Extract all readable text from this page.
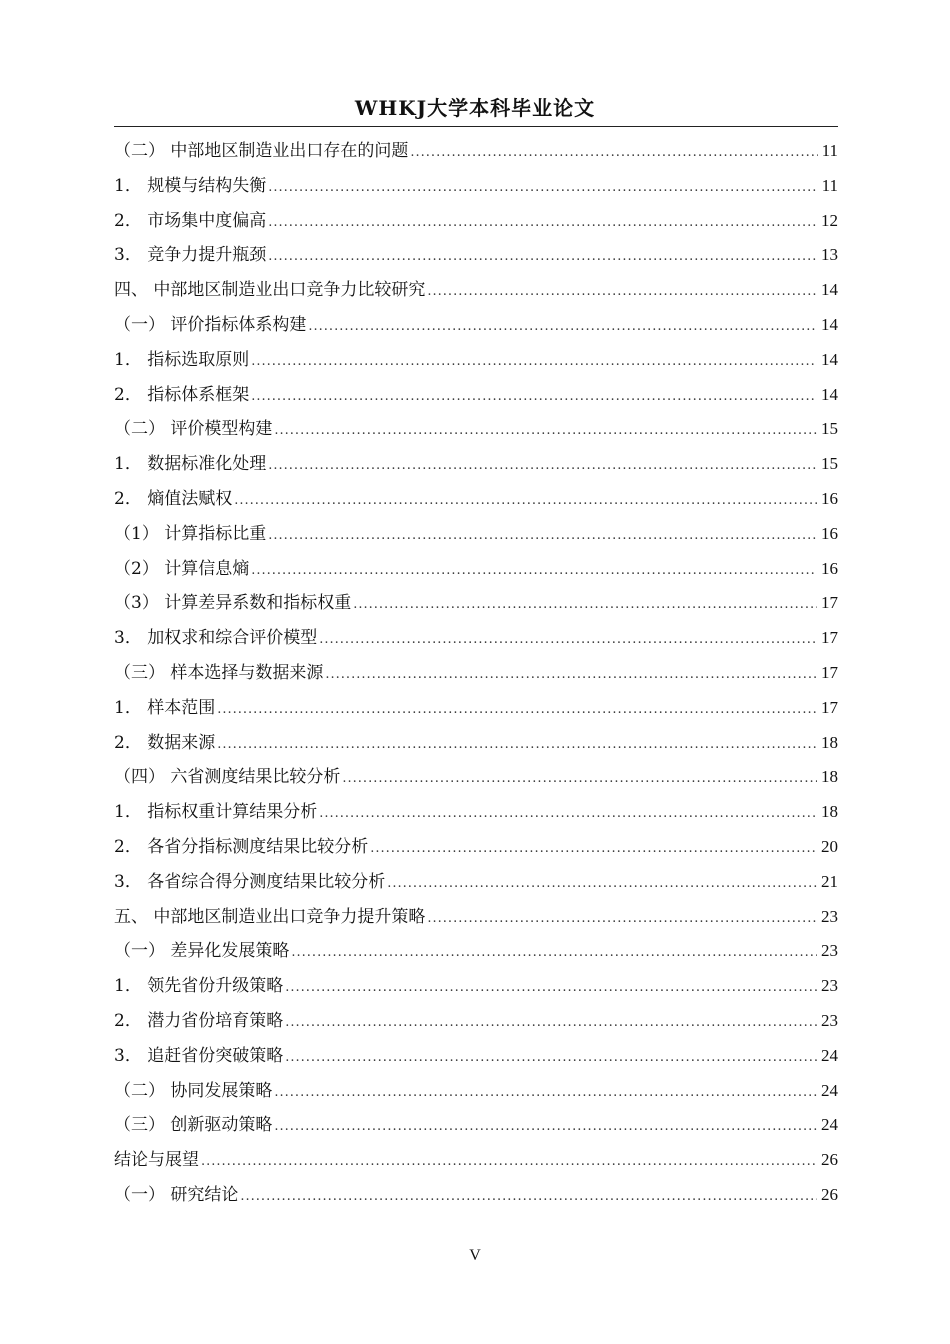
WHKJ大学本科毕业论文
（二） 中部地区制造业出口存在的问题 .....	11
1． 规模与结构失衡 .....	11
2． 市场集中度偏高 .....	12
3． 竞争力提升瓶颈 .....	13
四、 中部地区制造业出口竞争力比较研究 .....	14
（一） 评价指标体系构建 .....	14
1． 指标选取原则 .....	14
2． 指标体系框架 .....	14
（二） 评价模型构建 .....	15
1． 数据标准化处理 .....	15
2． 熵值法赋权 .....	16
（1） 计算指标比重 .....	16
（2） 计算信息熵 .....	16
（3） 计算差异系数和指标权重 .....	17
3． 加权求和综合评价模型 .....	17
（三） 样本选择与数据来源 .....	17
1． 样本范围 .....	17
2． 数据来源 .....	18
（四） 六省测度结果比较分析 .....	18
1． 指标权重计算结果分析 .....	18
2． 各省分指标测度结果比较分析 .....	20
3． 各省综合得分测度结果比较分析 .....	21
五、 中部地区制造业出口竞争力提升策略 .....	23
（一） 差异化发展策略 .....	23
1． 领先省份升级策略 .....	23
2． 潜力省份培育策略 .....	23
3． 追赶省份突破策略 .....	24
（二） 协同发展策略 .....	24
（三） 创新驱动策略 .....	24
结论与展望 .....	26
（一） 研究结论 .....	26
V
